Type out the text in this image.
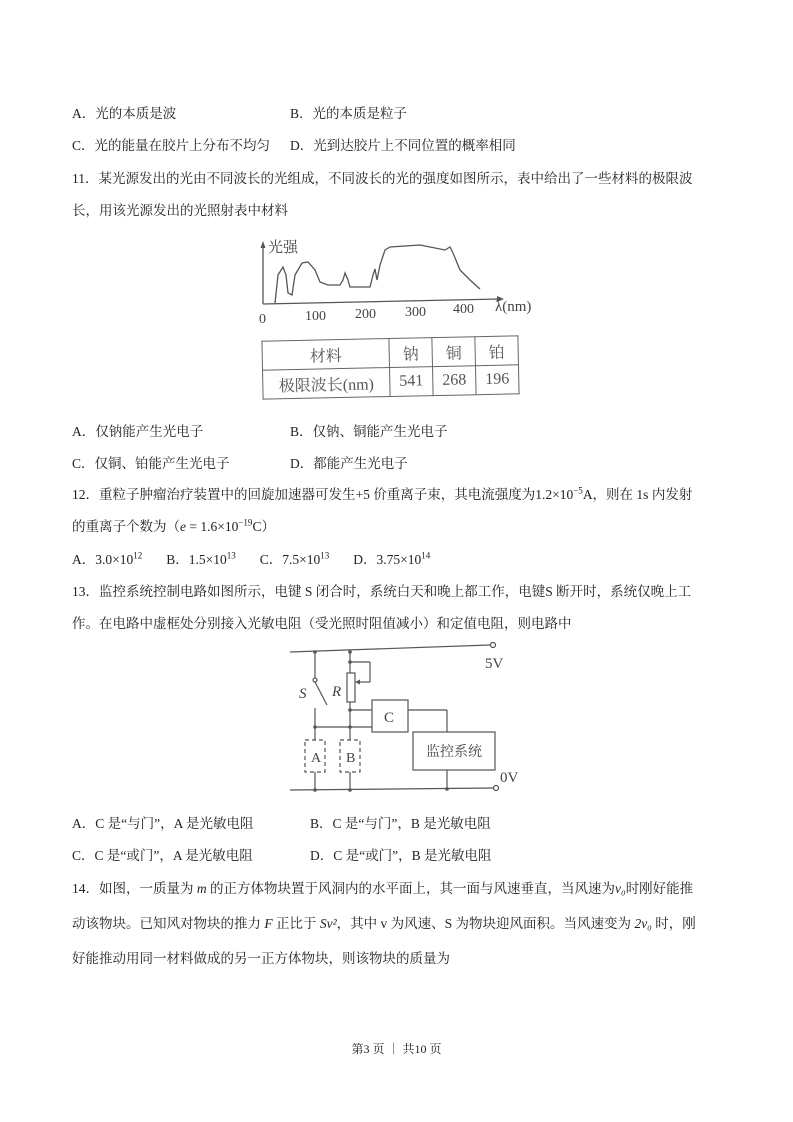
A．光的本质是波	B．光的本质是粒子
C．光的能量在胶片上分布不均匀 D．光到达胶片上不同位置的概率相同
11．某光源发出的光由不同波长的光组成，不同波长的光的强度如图所示，表中给出了一些材料的极限波
长，用该光源发出的光照射表中材料
光强
λ(nm)
0	100 200 300 400
材料	钠	铜	铂
极限波长(nm)	541	268	196
A．仅钠能产生光电子	B．仅钠、铜能产生光电子
C．仅铜、铂能产生光电子	D．都能产生光电子
12．重粒子肿瘤治疗装置中的回旋加速器可发生+5 价重离子束，其电流强度为$1.2\times 10^{-5}A$，则在 1s 内发射
的重离子个数为$(e = 1.6\times 10^{-19}C)$
A．$3.0\times 10^{12}$ B．$1.5\times 10^{13}$ C．$7.5\times 10^{13}$ D．$3.75\times 10^{14}$
13．监控系统控制电路如图所示，电键 S 闭合时，系统白天和晚上都工作，电键S 断开时，系统仅晚上工
作。在电路中虚框处分别接入光敏电阻（受光照时阻值减小）和定值电阻，则电路中
5V
0V
S R
C
A B	监控系统
A．C 是“与门”，A 是光敏电阻	B．C 是“与门”，B 是光敏电阻
C．C 是“或门”，A 是光敏电阻	D．C 是“或门”，B 是光敏电阻
14．如图，一质量为 m 的正方体物块置于风洞内的水平面上，其一面与风速垂直，当风速为v₀时刚好能推
动该物块。已知风对物块的推力 F 正比于 Sv²，其中 v 为风速、S 为物块迎风面积。当风速变为 2v₀ 时，刚
好能推动用同一材料做成的另一正方体物块，则该物块的质量为
第3 页 ｜ 共10 页
